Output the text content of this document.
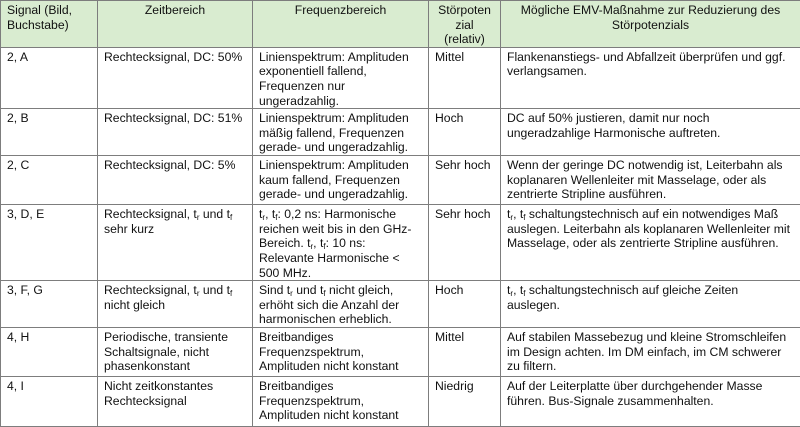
Signal (Bild, Buchstabe)	Zeitbereich	Frequenzbereich	Störpoten zial (relativ)	Mögliche EMV-Maßnahme zur Reduzierung des Störpotenzials
2, A	Rechtecksignal, DC: 50%	Linienspektrum: Amplituden exponentiell fallend, Frequenzen nur ungeradzahlig.	Mittel	Flankenanstiegs- und Abfallzeit überprüfen und ggf. verlangsamen.
2, B	Rechtecksignal, DC: 51%	Linienspektrum: Amplituden mäßig fallend, Frequenzen gerade- und ungeradzahlig.	Hoch	DC auf 50% justieren, damit nur noch ungeradzahlige Harmonische auftreten.
2, C	Rechtecksignal, DC: 5%	Linienspektrum: Amplituden kaum fallend, Frequenzen gerade- und ungeradzahlig.	Sehr hoch	Wenn der geringe DC notwendig ist, Leiterbahn als koplanaren Wellenleiter mit Masselage, oder als zentrierte Stripline ausführen.
3, D, E	Rechtecksignal, $t_r$ und $t_f$ sehr kurz	$t_r$, $t_f$: 0,2 ns: Harmonische reichen weit bis in den GHz-Bereich. $t_r$, $t_f$: 10 ns: Relevante Harmonische < 500 MHz.	Sehr hoch	$t_r$, $t_f$ schaltungstechnisch auf ein notwendiges Maß auslegen. Leiterbahn als koplanaren Wellenleiter mit Masselage, oder als zentrierte Stripline ausführen.
3, F, G	Rechtecksignal, $t_r$ und $t_f$ nicht gleich	Sind $t_r$ und $t_f$ nicht gleich, erhöht sich die Anzahl der harmonischen erheblich.	Hoch	$t_r$, $t_f$ schaltungstechnisch auf gleiche Zeiten auslegen.
4, H	Periodische, transiente Schaltsignale, nicht phasenkonstant	Breitbandiges Frequenzspektrum, Amplituden nicht konstant	Mittel	Auf stabilen Massebezug und kleine Stromschleifen im Design achten. Im DM einfach, im CM schwerer zu filtern.
4, I	Nicht zeitkonstantes Rechtecksignal	Breitbandiges Frequenzspektrum, Amplituden nicht konstant	Niedrig	Auf der Leiterplatte über durchgehender Masse führen. Bus-Signale zusammenhalten.
